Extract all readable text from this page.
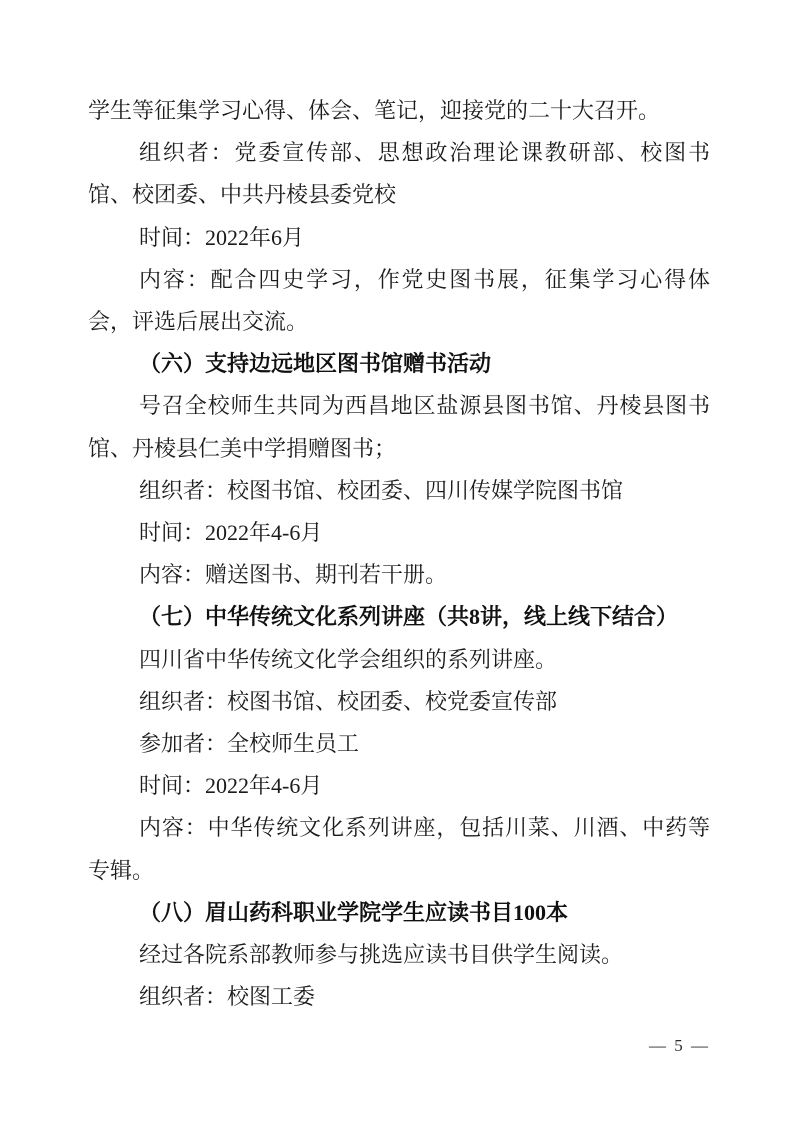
学生等征集学习心得、体会、笔记，迎接党的二十大召开。

组织者：党委宣传部、思想政治理论课教研部、校图书馆、校团委、中共丹棱县委党校

时间：2022年6月

内容：配合四史学习，作党史图书展，征集学习心得体会，评选后展出交流。

（六）支持边远地区图书馆赠书活动

号召全校师生共同为西昌地区盐源县图书馆、丹棱县图书馆、丹棱县仁美中学捐赠图书；

组织者：校图书馆、校团委、四川传媒学院图书馆

时间：2022年4-6月

内容：赠送图书、期刊若干册。

（七）中华传统文化系列讲座（共8讲，线上线下结合）

四川省中华传统文化学会组织的系列讲座。

组织者：校图书馆、校团委、校党委宣传部

参加者：全校师生员工

时间：2022年4-6月

内容：中华传统文化系列讲座，包括川菜、川酒、中药等专辑。

（八）眉山药科职业学院学生应读书目100本

经过各院系部教师参与挑选应读书目供学生阅读。

组织者：校图工委

— 5 —
